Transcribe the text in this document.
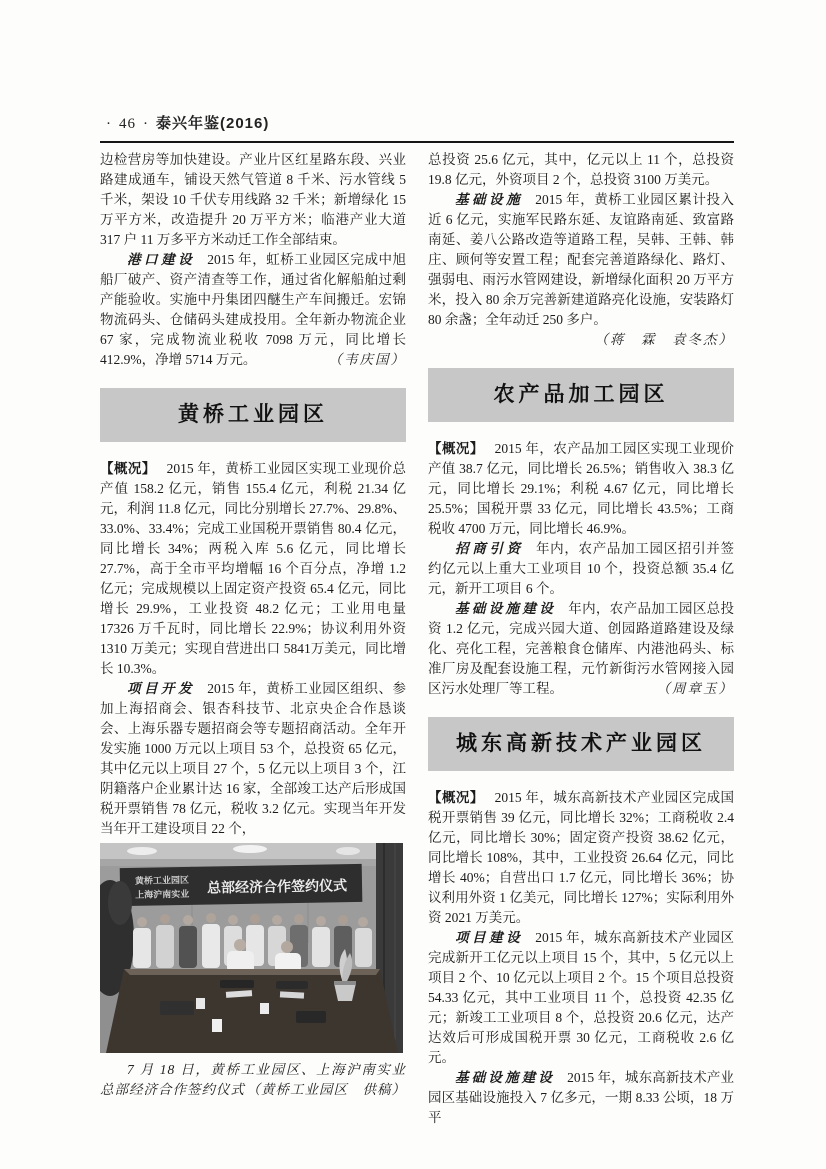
· 46 · 泰兴年鉴(2016)

边检营房等加快建设。产业片区红星路东段、兴业路建成通车，铺设天然气管道 8 千米、污水管线 5 千米，架设 10 千伏专用线路 32 千米；新增绿化 15 万平方米，改造提升 20 万平方米；临港产业大道 317 户 11 万多平方米动迁工作全部结束。

港口建设 2015 年，虹桥工业园区完成中旭船厂破产、资产清查等工作，通过省化解船舶过剩产能验收。实施中丹集团四醚生产车间搬迁。宏锦物流码头、仓储码头建成投用。全年新办物流企业 67 家，完成物流业税收 7098 万元，同比增长 412.9%，净增 5714 万元。	（韦庆国）
黄桥工业园区

【概况】 2015 年，黄桥工业园区实现工业现价总产值 158.2 亿元，销售 155.4 亿元，利税 21.34 亿元，利润 11.8 亿元，同比分别增长 27.7%、29.8%、33.0%、33.4%；完成工业国税开票销售 80.4 亿元，同比增长 34%；两税入库 5.6 亿元，同比增长 27.7%，高于全市平均增幅 16 个百分点，净增 1.2 亿元；完成规模以上固定资产投资 65.4 亿元，同比增长 29.9%，工业投资 48.2 亿元；工业用电量 17326 万千瓦时，同比增长 22.9%；协议利用外资 1310 万美元；实现自营进出口 5841万美元，同比增长 10.3%。

项目开发 2015 年，黄桥工业园区组织、参加上海招商会、银杏科技节、北京央企合作恳谈会、上海乐器专题招商会等专题招商活动。全年开发实施 1000 万元以上项目 53 个，总投资 65 亿元，其中亿元以上项目 27 个，5 亿元以上项目 3 个，江阴籍落户企业累计达 16 家，全部竣工达产后形成国税开票销售 78 亿元，税收 3.2 亿元。实现当年开发当年开工建设项目 22 个，

黄桥工业园区
上海沪南实业 总部经济合作签约仪式

7 月 18 日，黄桥工业园区、上海沪南实业总部经济合作签约仪式 （黄桥工业园区　供稿）

总投资 25.6 亿元，其中，亿元以上 11 个，总投资 19.8 亿元，外资项目 2 个，总投资 3100 万美元。

基础设施 2015 年，黄桥工业园区累计投入近 6 亿元，实施军民路东延、友谊路南延、致富路南延、姜八公路改造等道路工程，吴韩、王韩、韩庄、顾何等安置工程；配套完善道路绿化、路灯、强弱电、雨污水管网建设，新增绿化面积 20 万平方米，投入 80 余万完善新建道路亮化设施，安装路灯 80 余盏；全年动迁 250 多户。

（蒋　霖　袁冬杰）
农产品加工园区

【概况】 2015 年，农产品加工园区实现工业现价产值 38.7 亿元，同比增长 26.5%；销售收入 38.3 亿元，同比增长 29.1%；利税 4.67 亿元，同比增长 25.5%；国税开票 33 亿元，同比增长 43.5%；工商税收 4700 万元，同比增长 46.9%。

招商引资 年内，农产品加工园区招引并签约亿元以上重大工业项目 10 个，投资总额 35.4 亿元，新开工项目 6 个。

基础设施建设 年内，农产品加工园区总投资 1.2 亿元，完成兴园大道、创园路道路建设及绿化、亮化工程，完善粮食仓储库、内港池码头、标准厂房及配套设施工程，元竹新街污水管网接入园区污水处理厂等工程。	（周章玉）
城东高新技术产业园区

【概况】 2015 年，城东高新技术产业园区完成国税开票销售 39 亿元，同比增长 32%；工商税收 2.4 亿元，同比增长 30%；固定资产投资 38.62 亿元，同比增长 108%，其中，工业投资 26.64 亿元，同比增长 40%；自营出口 1.7 亿元，同比增长 36%；协议利用外资 1 亿美元，同比增长 127%；实际利用外资 2021 万美元。

项目建设 2015 年，城东高新技术产业园区完成新开工亿元以上项目 15 个，其中，5 亿元以上项目 2 个、10 亿元以上项目 2 个。15 个项目总投资 54.33 亿元，其中工业项目 11 个，总投资 42.35 亿元；新竣工工业项目 8 个，总投资 20.6 亿元，达产达效后可形成国税开票 30 亿元，工商税收 2.6 亿元。

基础设施建设 2015 年，城东高新技术产业园区基础设施投入 7 亿多元，一期 8.33 公顷，18 万平
